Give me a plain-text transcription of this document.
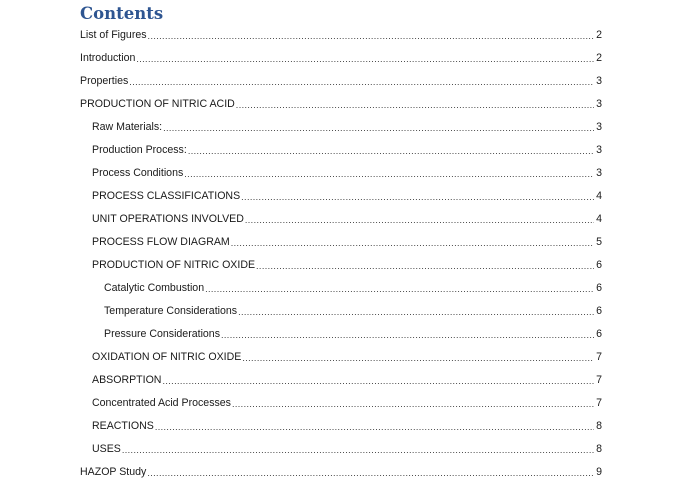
Contents
List of Figures .....	2
Introduction .....	2
Properties .....	3
PRODUCTION OF NITRIC ACID .....	3
Raw Materials: .....	3
Production Process: .....	3
Process Conditions .....	3
PROCESS CLASSIFICATIONS .....	4
UNIT OPERATIONS INVOLVED .....	4
PROCESS FLOW DIAGRAM .....	5
PRODUCTION OF NITRIC OXIDE .....	6
Catalytic Combustion .....	6
Temperature Considerations .....	6
Pressure Considerations .....	6
OXIDATION OF NITRIC OXIDE .....	7
ABSORPTION .....	7
Concentrated Acid Processes .....	7
REACTIONS .....	8
USES .....	8
HAZOP Study .....	9
